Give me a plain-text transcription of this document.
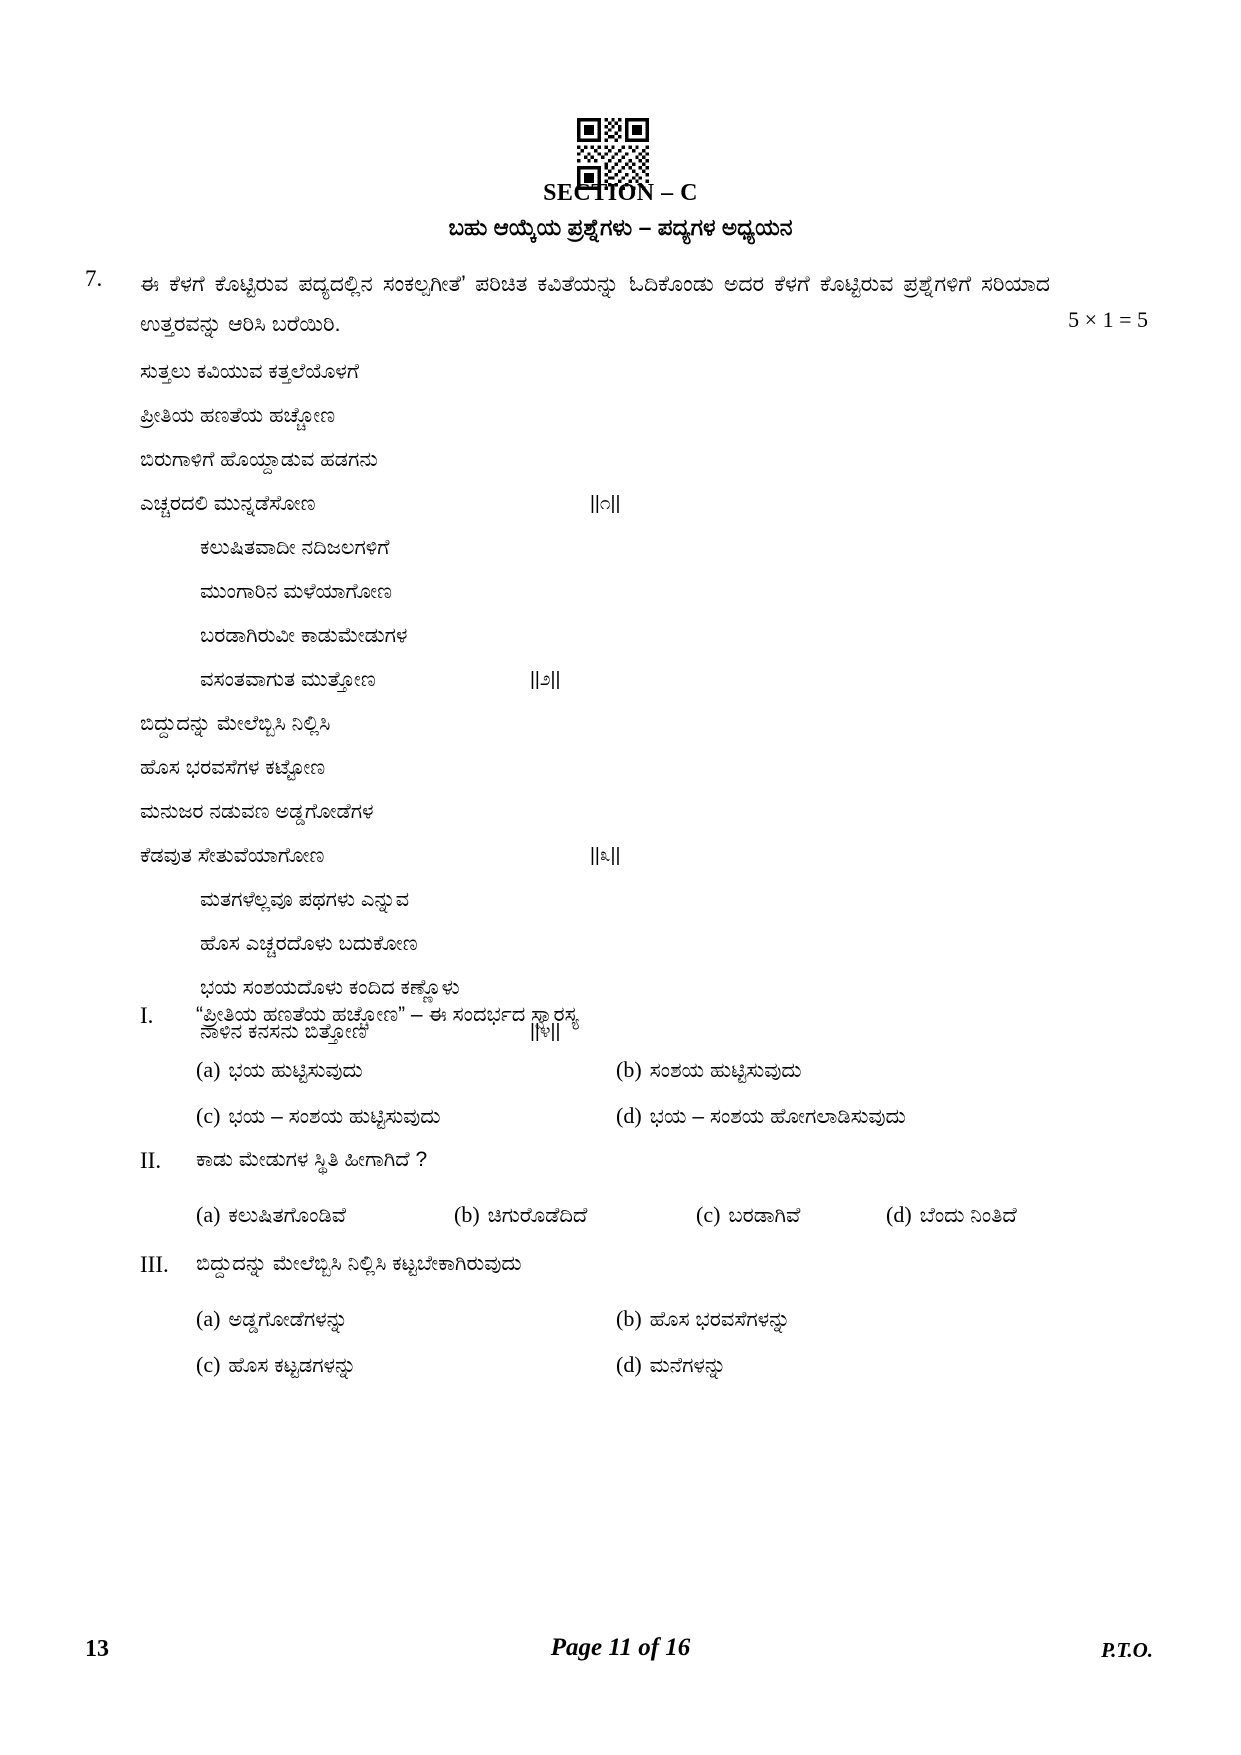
SECTION – C
ಬಹು ಆಯ್ಕೆಯ ಪ್ರಶ್ನೆಗಳು – ಪದ್ಯಗಳ ಅಧ್ಯಯನ
7. ಈ ಕೆಳಗೆ ಕೊಟ್ಟಿರುವ ಪದ್ಯದಲ್ಲಿನ ಸಂಕಲ್ಪಗೀತೆ’ ಪರಿಚಿತ ಕವಿತೆಯನ್ನು ಓದಿಕೊಂಡು ಅದರ ಕೆಳಗೆ ಕೊಟ್ಟಿರುವ ಪ್ರಶ್ನೆಗಳಿಗೆ ಸರಿಯಾದ ಉತ್ತರವನ್ನು ಆರಿಸಿ ಬರೆಯಿರಿ.	5 × 1 = 5
ಸುತ್ತಲು ಕವಿಯುವ ಕತ್ತಲೆಯೊಳಗೆ
ಪ್ರೀತಿಯ ಹಣತೆಯ ಹಚ್ಚೋಣ
ಬಿರುಗಾಳಿಗೆ ಹೊಯ್ದಾಡುವ ಹಡಗನು
ಎಚ್ಚರದಲಿ ಮುನ್ನಡೆಸೋಣ	||೧||
ಕಲುಷಿತವಾದೀ ನದಿಜಲಗಳಿಗೆ
ಮುಂಗಾರಿನ ಮಳೆಯಾಗೋಣ
ಬರಡಾಗಿರುವೀ ಕಾಡುಮೇಡುಗಳ
ವಸಂತವಾಗುತ ಮುತ್ತೋಣ	||೨||
ಬಿದ್ದುದನ್ನು ಮೇಲೆಬ್ಬಿಸಿ ನಿಲ್ಲಿಸಿ
ಹೊಸ ಭರವಸೆಗಳ ಕಟ್ಟೋಣ
ಮನುಜರ ನಡುವಣ ಅಡ್ಡಗೋಡೆಗಳ
ಕೆಡವುತ ಸೇತುವೆಯಾಗೋಣ	||೩||
ಮತಗಳೆಲ್ಲವೂ ಪಥಗಳು ಎನ್ನುವ
ಹೊಸ ಎಚ್ಚರದೊಳು ಬದುಕೋಣ
ಭಯ ಸಂಶಯದೊಳು ಕಂದಿದ ಕಣ್ಣೊಳು
ನಾಳಿನ ಕನಸನು ಬಿತ್ತೋಣ	||೪||
I.	“ಪ್ರೀತಿಯ ಹಣತೆಯ ಹಚ್ಚೋಣ” – ಈ ಸಂದರ್ಭದ ಸ್ವಾರಸ್ಯ
(a) ಭಯ ಹುಟ್ಟಿಸುವುದು	(b) ಸಂಶಯ ಹುಟ್ಟಿಸುವುದು
(c) ಭಯ – ಸಂಶಯ ಹುಟ್ಟಿಸುವುದು	(d) ಭಯ – ಸಂಶಯ ಹೋಗಲಾಡಿಸುವುದು
II.	ಕಾಡು ಮೇಡುಗಳ ಸ್ಥಿತಿ ಹೀಗಾಗಿದೆ ?
(a) ಕಲುಷಿತಗೊಂಡಿವೆ	(b) ಚಿಗುರೊಡೆದಿದೆ	(c) ಬರಡಾಗಿವೆ	(d) ಬೆಂದು ನಿಂತಿದೆ
III.	ಬಿದ್ದುದನ್ನು ಮೇಲೆಬ್ಬಿಸಿ ನಿಲ್ಲಿಸಿ ಕಟ್ಟಬೇಕಾಗಿರುವುದು
(a) ಅಡ್ಡಗೋಡೆಗಳನ್ನು	(b) ಹೊಸ ಭರವಸೆಗಳನ್ನು
(c) ಹೊಸ ಕಟ್ಟಡಗಳನ್ನು	(d) ಮನೆಗಳನ್ನು
13	Page 11 of 16	P.T.O.
